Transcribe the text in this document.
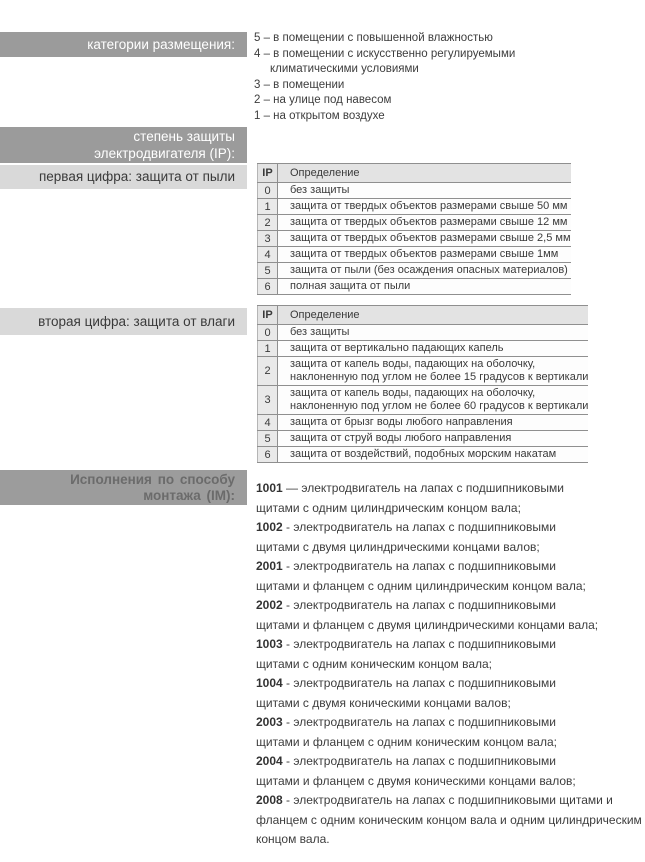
категории размещения:	5 – в помещении с повышенной влажностью
4 – в помещении с искусственно регулируемыми
климатическими условиями
3 – в помещении
2 – на улице под навесом
1 – на открытом воздухе
степень защиты
электродвигателя (IP):
первая цифра: защита от пыли	IP	Определение
0	без защиты

1	защита от твердых объектов размерами свыше 50 мм

2	защита от твердых объектов размерами свыше 12 мм

3	защита от твердых объектов размерами свыше 2,5 мм

4	защита от твердых объектов размерами свыше 1мм

5	защита от пыли (без осаждения опасных материалов)

6	полная защита от пыли
вторая цифра: защита от влаги	IP	Определение
0	без защиты

1	защита от вертикально падающих капель

2	защита от капель воды, падающих на оболочку,
наклоненную под углом не более 15 градусов к вертикали

3	защита от капель воды, падающих на оболочку,
наклоненную под углом не более 60 градусов к вертикали

4	защита от брызг воды любого направления

5	защита от струй воды любого направления

6	защита от воздействий, подобных морским накатам
Исполнения по способу
монтажа (IM): 1001 — электродвигатель на лапах с подшипниковыми
щитами с одним цилиндрическим концом вала;
1002 - электродвигатель на лапах с подшипниковыми
щитами с двумя цилиндрическими концами валов;
2001 - электродвигатель на лапах с подшипниковыми
щитами и фланцем с одним цилиндрическим концом вала;
2002 - электродвигатель на лапах с подшипниковыми
щитами и фланцем с двумя цилиндрическими концами вала;
1003 - электродвигатель на лапах с подшипниковыми
щитами с одним коническим концом вала;
1004 - электродвигатель на лапах с подшипниковыми
щитами с двумя коническими концами валов;
2003 - электродвигатель на лапах с подшипниковыми
щитами и фланцем с одним коническим концом вала;
2004 - электродвигатель на лапах с подшипниковыми
щитами и фланцем с двумя коническими концами валов;
2008 - электродвигатель на лапах с подшипниковыми щитами и
фланцем с одним коническим концом вала и одним цилиндрическим
концом вала.
